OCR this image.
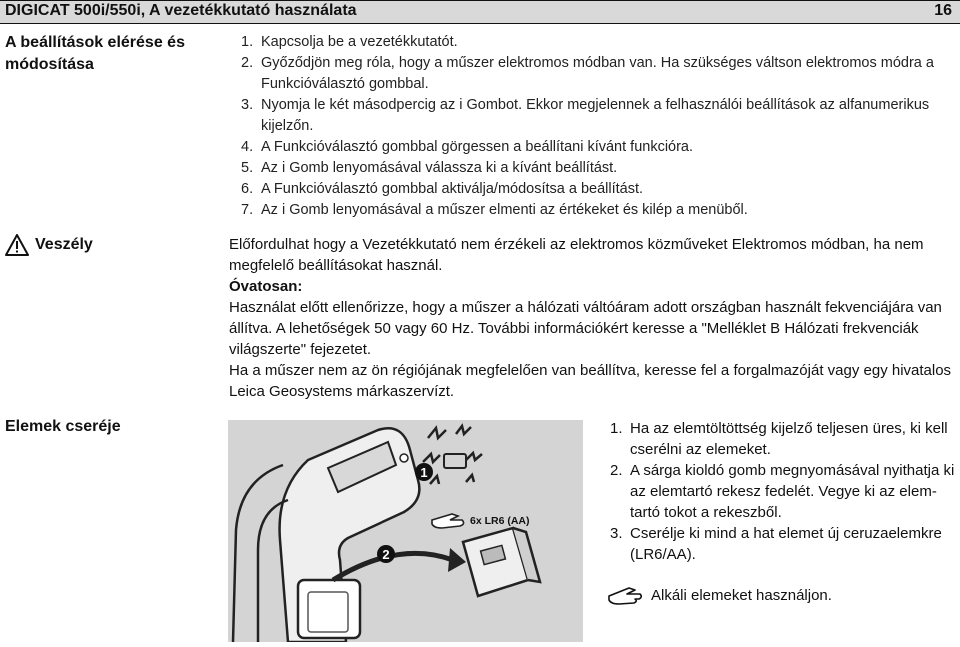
DIGICAT 500i/550i, A vezetékkutató használata	16
A beállítások elérése és módosítása
1. Kapcsolja be a vezetékkutatót.
2. Győződjön meg róla, hogy a műszer elektromos módban van. Ha szükséges váltson elektromos módra a Funkcióválasztó gombbal.
3. Nyomja le két másodpercig az i Gombot. Ekkor megjelennek a felhasználói beállítások az alfanumerikus kijelzőn.
4. A Funkcióválasztó gombbal görgessen a beállítani kívánt funkcióra.
5. Az i Gomb lenyomásával válassza ki a kívánt beállítást.
6. A Funkcióválasztó gombbal aktiválja/módosítsa a beállítást.
7. Az i Gomb lenyomásával a műszer elmenti az értékeket és kilép a menüből.
Veszély	Előfordulhat hogy a Vezetékkutató nem érzékeli az elektromos közműveket Elektromos módban, ha nem megfelelő beállításokat használ.

Óvatosan:

Használat előtt ellenőrizze, hogy a műszer a hálózati váltóáram adott országban használt fekvenciájára van állítva. A lehetőségek 50 vagy 60 Hz. További információkért keresse a "Melléklet B Hálózati frekvenciák világszerte" fejezetet.

Ha a műszer nem az ön régiójának megfelelően van beállítva, keresse fel a forgalmazóját vagy egy hivatalos Leica Geosystems márkaszervízt.

Elemek cseréje
1
2
6x LR6 (AA)
1. Ha az elemtöltöttség kijelző teljesen üres, ki kell cserélni az elemeket.
2. A sárga kioldó gomb megnyomásával nyithatja ki az elemtartó rekesz fedelét. Vegye ki az elem-tartó tokot a rekeszből.
3. Cserélje ki mind a hat elemet új ceruzaelemkre (LR6/AA).
Alkáli elemeket használjon.
